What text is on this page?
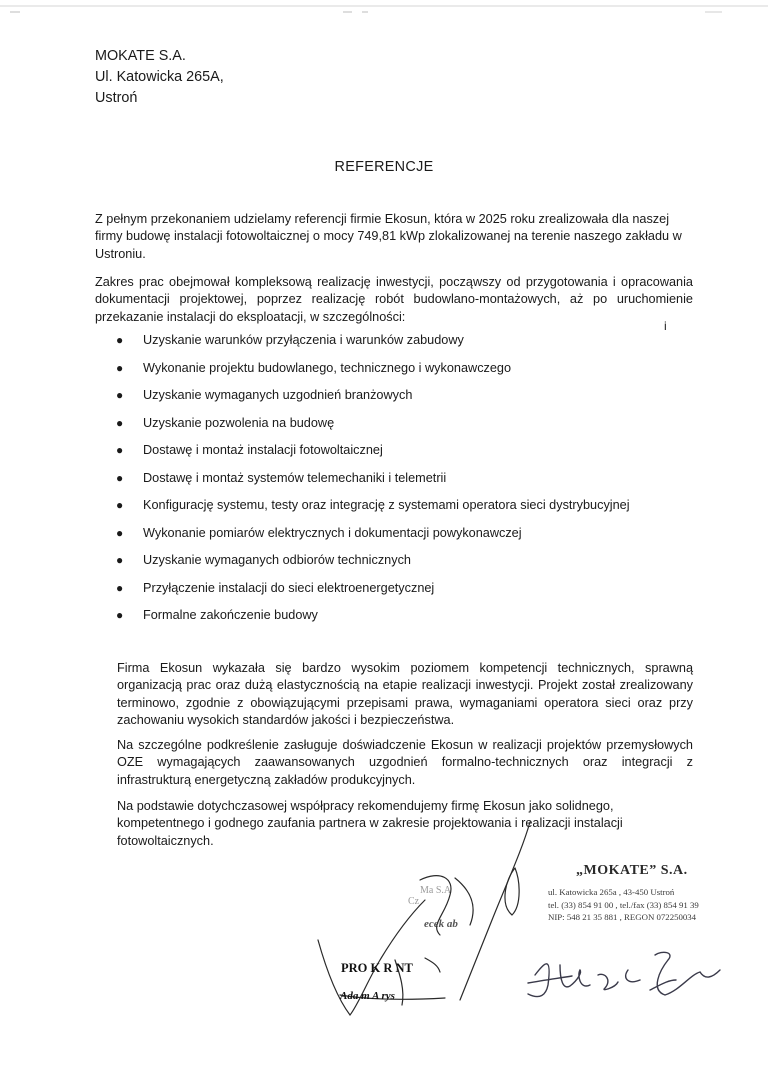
MOKATE S.A.
Ul. Katowicka 265A,
Ustroń
REFERENCJE
Z pełnym przekonaniem udzielamy referencji firmie Ekosun, która w 2025 roku zrealizowała dla naszej firmy budowę instalacji fotowoltaicznej o mocy 749,81 kWp zlokalizowanej na terenie naszego zakładu w Ustroniu.
Zakres prac obejmował kompleksową realizację inwestycji, począwszy od przygotowania i opracowania dokumentacji projektowej, poprzez realizację robót budowlano-montażowych, aż po uruchomienie przekazanie instalacji do eksploatacji, w szczególności:
i
● Uzyskanie warunków przyłączenia i warunków zabudowy
● Wykonanie projektu budowlanego, technicznego i wykonawczego
● Uzyskanie wymaganych uzgodnień branżowych
● Uzyskanie pozwolenia na budowę
● Dostawę i montaż instalacji fotowoltaicznej
● Dostawę i montaż systemów telemechaniki i telemetrii
● Konfigurację systemu, testy oraz integrację z systemami operatora sieci dystrybucyjnej
● Wykonanie pomiarów elektrycznych i dokumentacji powykonawczej
● Uzyskanie wymaganych odbiorów technicznych
● Przyłączenie instalacji do sieci elektroenergetycznej
● Formalne zakończenie budowy
Firma Ekosun wykazała się bardzo wysokim poziomem kompetencji technicznych, sprawną organizacją prac oraz dużą elastycznością na etapie realizacji inwestycji. Projekt został zrealizowany terminowo, zgodnie z obowiązującymi przepisami prawa, wymaganiami operatora sieci oraz przy zachowaniu wysokich standardów jakości i bezpieczeństwa.
Na szczególne podkreślenie zasługuje doświadczenie Ekosun w realizacji projektów przemysłowych OZE wymagających zaawansowanych uzgodnień formalno-technicznych oraz integracji z infrastrukturą energetyczną zakładów produkcyjnych.
Na podstawie dotychczasowej współpracy rekomendujemy firmę Ekosun jako solidnego, kompetentnego i godnego zaufania partnera w zakresie projektowania i realizacji instalacji fotowoltaicznych.
„MOKATE” S.A.
ul. Katowicka 265a , 43-450 Ustroń
tel. (33) 854 91 00 , tel./fax (33) 854 91 39
NIP: 548 21 35 881 , REGON 072250034
Ma S.A
Cz
ecek ab
PRO K R NT
Ada m A rys
